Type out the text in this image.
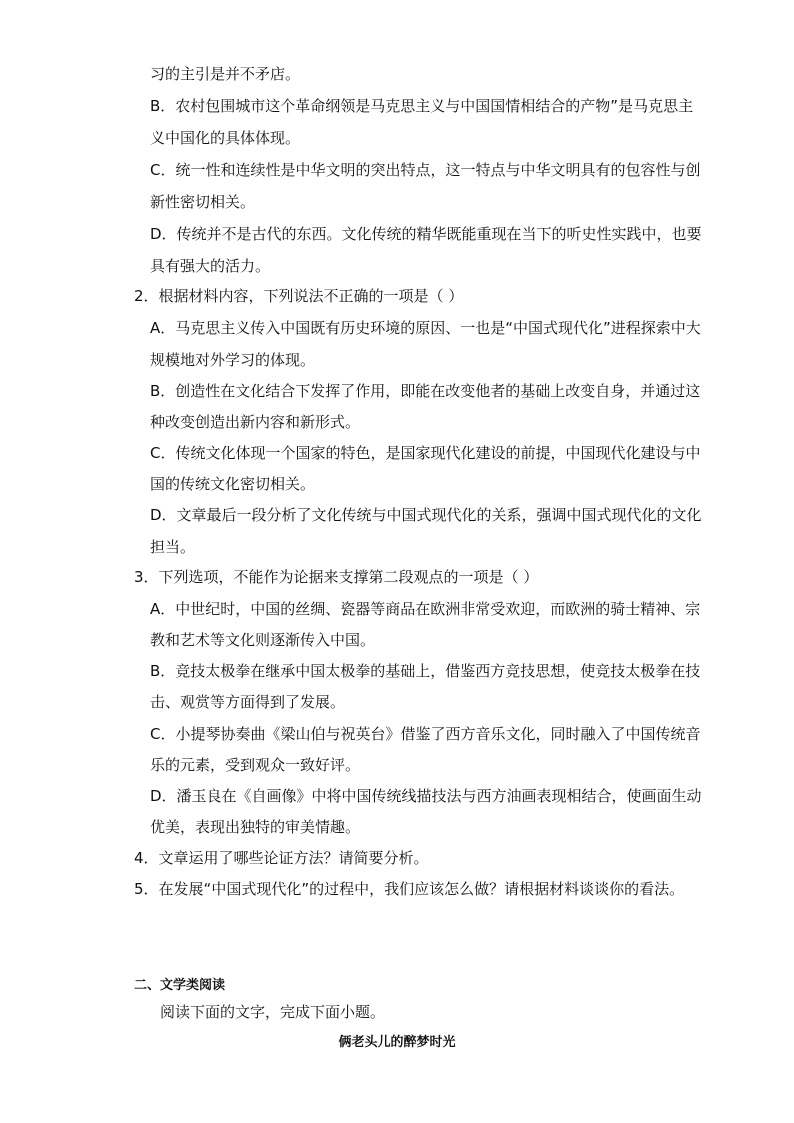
习的主引是并不矛店。
B．农村包围城市这个革命纲领是马克思主义与中国国情相结合的产物”是马克思主
义中国化的具体体现。
C．统一性和连续性是中华文明的突出特点，这一特点与中华文明具有的包容性与创
新性密切相关。
D．传统并不是古代的东西。文化传统的精华既能重现在当下的听史性实践中，也要
具有强大的活力。
2．根据材料内容，下列说法不正确的一项是（ ）
A．马克思主义传入中国既有历史环境的原因、一也是“中国式现代化”进程探索中大
规模地对外学习的体现。
B．创造性在文化结合下发挥了作用，即能在改变他者的基础上改变自身，并通过这
种改变创造出新内容和新形式。
C．传统文化体现一个国家的特色，是国家现代化建设的前提，中国现代化建设与中
国的传统文化密切相关。
D．文章最后一段分析了文化传统与中国式现代化的关系，强调中国式现代化的文化
担当。
3．下列选项，不能作为论据来支撑第二段观点的一项是（ ）
A．中世纪时，中国的丝绸、瓷器等商品在欧洲非常受欢迎，而欧洲的骑士精神、宗
教和艺术等文化则逐渐传入中国。
B．竞技太极拳在继承中国太极拳的基础上，借鉴西方竞技思想，使竞技太极拳在技
击、观赏等方面得到了发展。
C．小提琴协奏曲《梁山伯与祝英台》借鉴了西方音乐文化，同时融入了中国传统音
乐的元素，受到观众一致好评。
D．潘玉良在《自画像》中将中国传统线描技法与西方油画表现相结合，使画面生动
优美，表现出独特的审美情趣。
4．文章运用了哪些论证方法？请简要分析。
5．在发展“中国式现代化”的过程中，我们应该怎么做？请根据材料谈谈你的看法。
二、文学类阅读
阅读下面的文字，完成下面小题。
俩老头儿的醉梦时光
